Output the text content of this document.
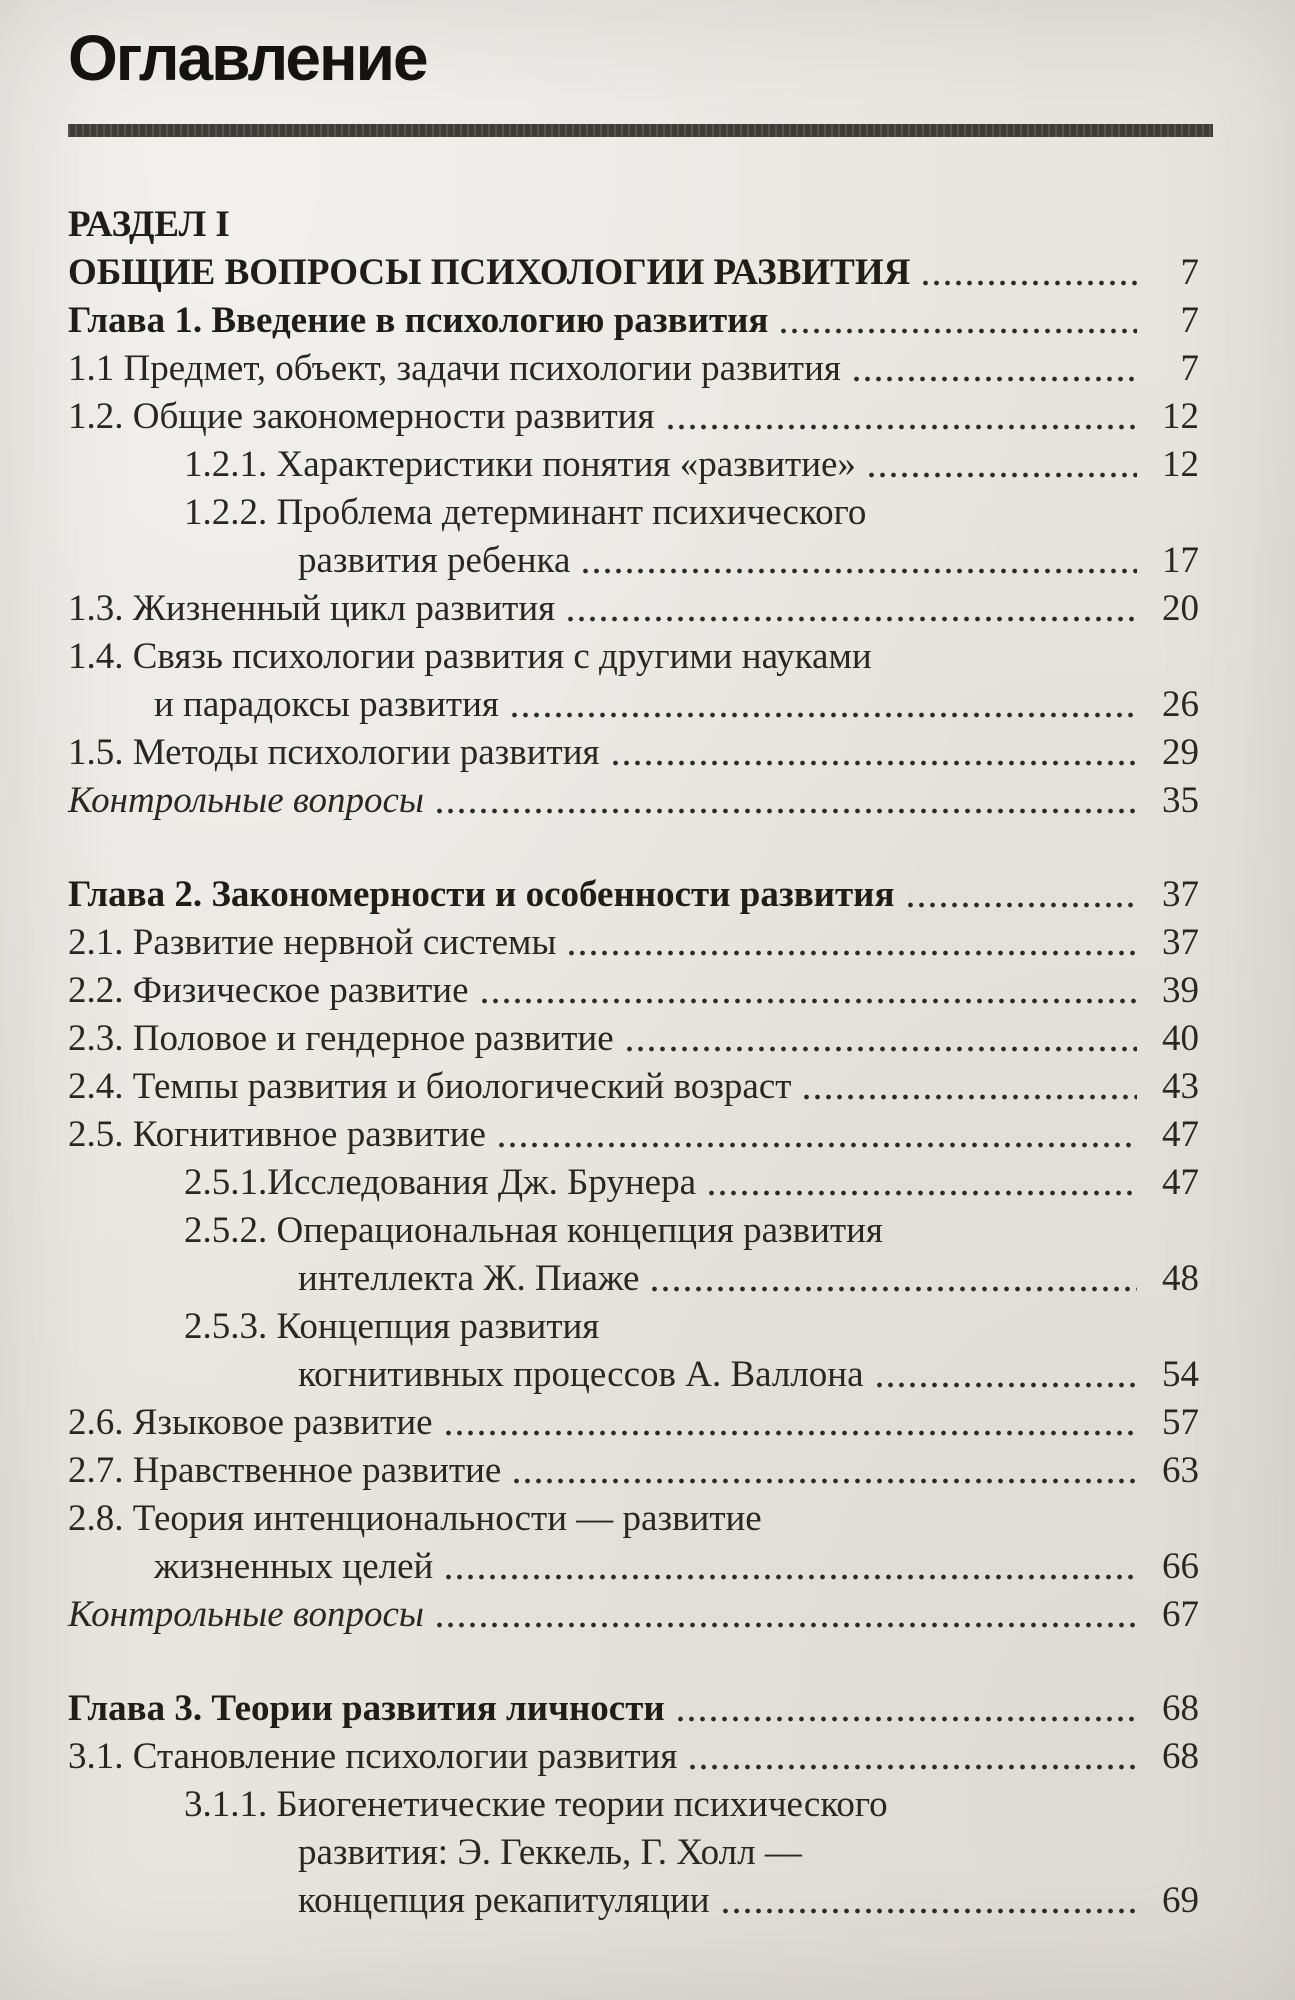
Оглавление
РАЗДЕЛ I
ОБЩИЕ ВОПРОСЫ ПСИХОЛОГИИ РАЗВИТИЯ	7
Глава 1. Введение в психологию развития	7
1.1 Предмет, объект, задачи психологии развития	7
1.2. Общие закономерности развития	12
1.2.1. Характеристики понятия «развитие»	12
1.2.2. Проблема детерминант психического
развития ребенка	17
1.3. Жизненный цикл развития	20
1.4. Связь психологии развития с другими науками
и парадоксы развития	26
1.5. Методы психологии развития	29
Контрольные вопросы	35
Глава 2. Закономерности и особенности развития	37
2.1. Развитие нервной системы	37
2.2. Физическое развитие	39
2.3. Половое и гендерное развитие	40
2.4. Темпы развития и биологический возраст	43
2.5. Когнитивное развитие	47
2.5.1.Исследования Дж. Брунера	47
2.5.2. Операциональная концепция развития
интеллекта Ж. Пиаже	48
2.5.3. Концепция развития
когнитивных процессов А. Валлона	54
2.6. Языковое развитие	57
2.7. Нравственное развитие	63
2.8. Теория интенциональности — развитие
жизненных целей	66
Контрольные вопросы	67
Глава 3. Теории развития личности	68
3.1. Становление психологии развития	68
3.1.1. Биогенетические теории психического
развития: Э. Геккель, Г. Холл —
концепция рекапитуляции	69
